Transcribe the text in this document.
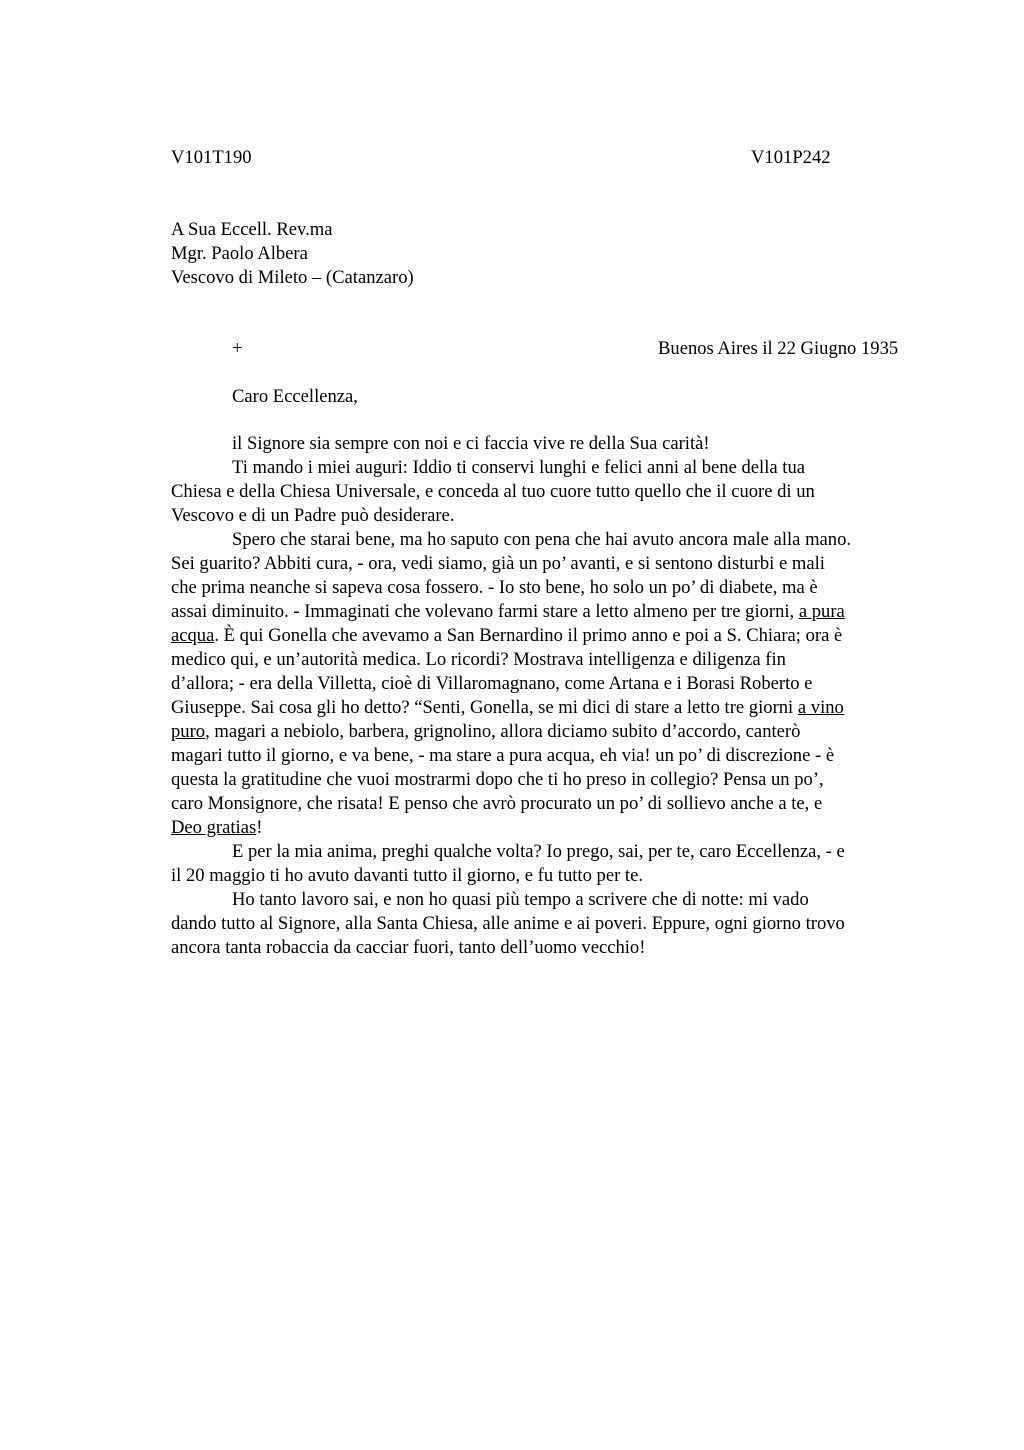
V101T190	V101P242
A Sua Eccell. Rev.ma
Mgr. Paolo Albera
Vescovo di Mileto – (Catanzaro)
+	Buenos Aires il 22 Giugno 1935
Caro Eccellenza,
il Signore sia sempre con noi e ci faccia vive re della Sua carità!
Ti mando i miei auguri: Iddio ti conservi lunghi e felici anni al bene della tua
Chiesa e della Chiesa Universale, e conceda al tuo cuore tutto quello che il cuore di un
Vescovo e di un Padre può desiderare.
Spero che starai bene, ma ho saputo con pena che hai avuto ancora male alla mano.
Sei guarito? Abbiti cura, - ora, vedi siamo, già un po’ avanti, e si sentono disturbi e mali
che prima neanche si sapeva cosa fossero. - Io sto bene, ho solo un po’ di diabete, ma è
assai diminuito. - Immaginati che volevano farmi stare a letto almeno per tre giorni, a pura
acqua. È qui Gonella che avevamo a San Bernardino il primo anno e poi a S. Chiara; ora è
medico qui, e un’autorità medica. Lo ricordi? Mostrava intelligenza e diligenza fin
d’allora; - era della Villetta, cioè di Villaromagnano, come Artana e i Borasi Roberto e
Giuseppe. Sai cosa gli ho detto? “Senti, Gonella, se mi dici di stare a letto tre giorni a vino
puro, magari a nebiolo, barbera, grignolino, allora diciamo subito d’accordo, canterò
magari tutto il giorno, e va bene, - ma stare a pura acqua, eh via! un po’ di discrezione - è
questa la gratitudine che vuoi mostrarmi dopo che ti ho preso in collegio? Pensa un po’,
caro Monsignore, che risata! E penso che avrò procurato un po’ di sollievo anche a te, e
Deo gratias!
E per la mia anima, preghi qualche volta? Io prego, sai, per te, caro Eccellenza, - e
il 20 maggio ti ho avuto davanti tutto il giorno, e fu tutto per te.
Ho tanto lavoro sai, e non ho quasi più tempo a scrivere che di notte: mi vado
dando tutto al Signore, alla Santa Chiesa, alle anime e ai poveri. Eppure, ogni giorno trovo
ancora tanta robaccia da cacciar fuori, tanto dell’uomo vecchio!
